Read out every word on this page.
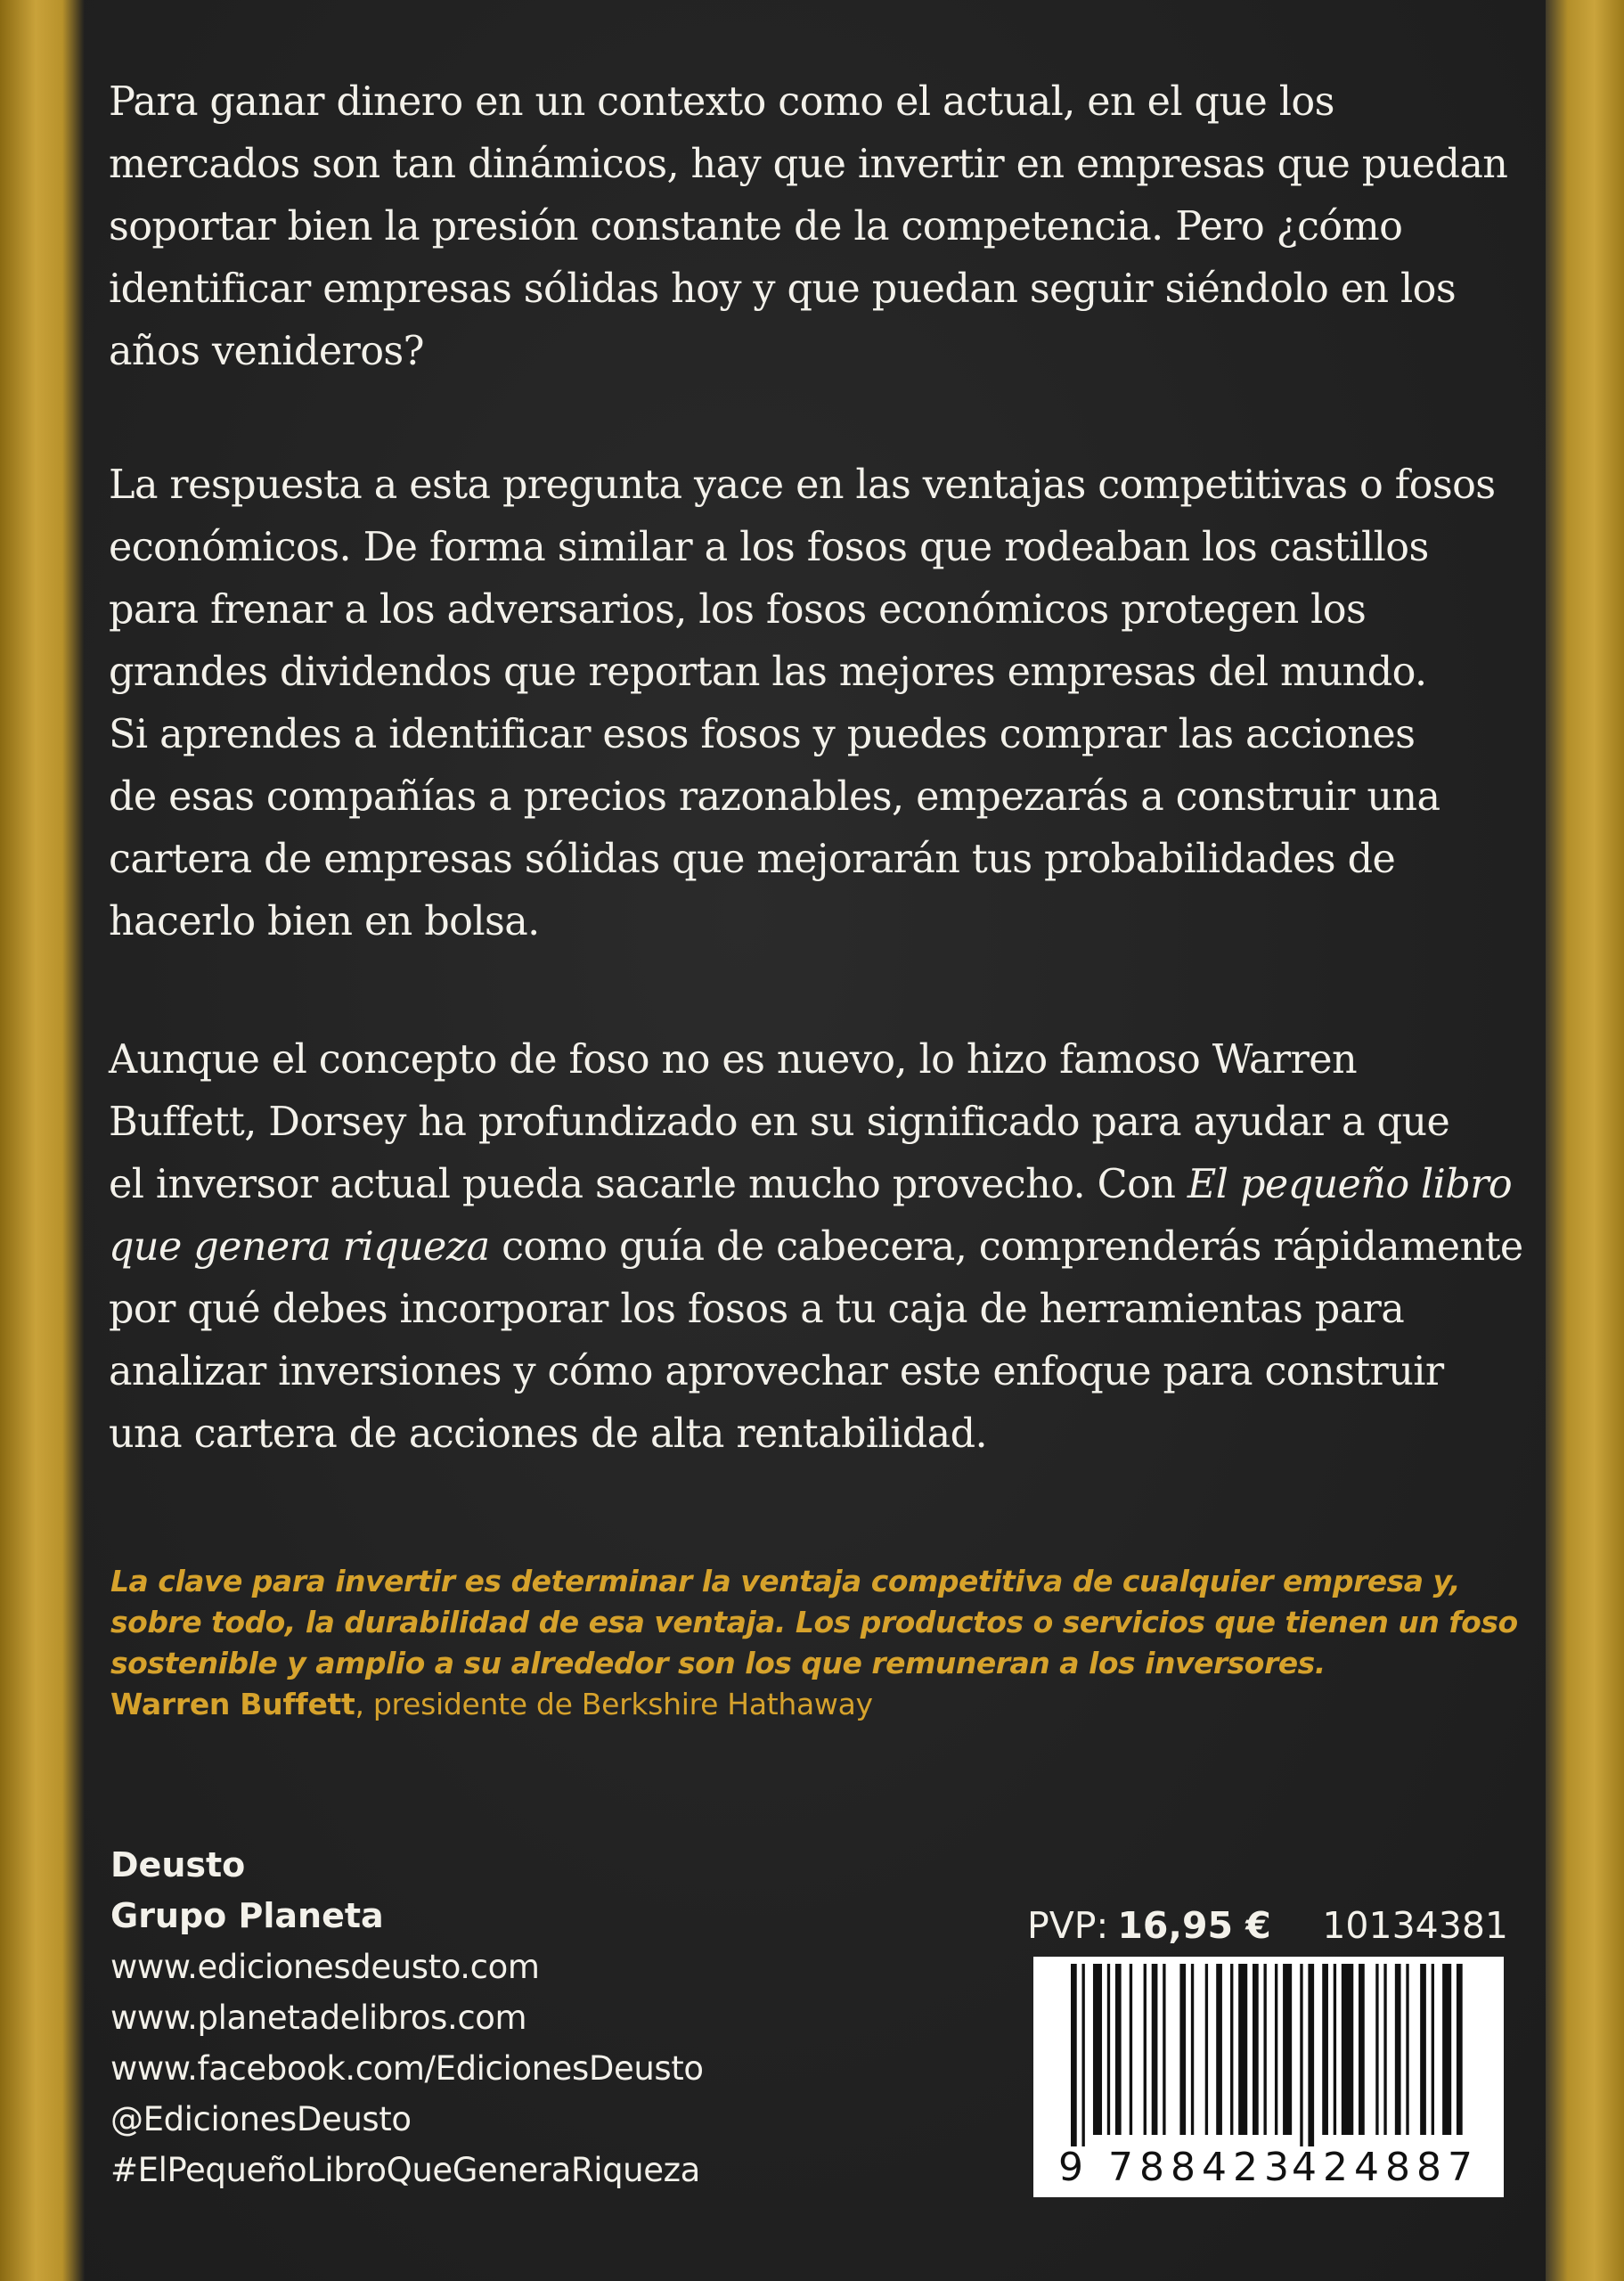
Para ganar dinero en un contexto como el actual, en el que los
mercados son tan dinámicos, hay que invertir en empresas que puedan
soportar bien la presión constante de la competencia. Pero ¿cómo
identificar empresas sólidas hoy y que puedan seguir siéndolo en los
años venideros?
La respuesta a esta pregunta yace en las ventajas competitivas o fosos
económicos. De forma similar a los fosos que rodeaban los castillos
para frenar a los adversarios, los fosos económicos protegen los
grandes dividendos que reportan las mejores empresas del mundo.
Si aprendes a identificar esos fosos y puedes comprar las acciones
de esas compañías a precios razonables, empezarás a construir una
cartera de empresas sólidas que mejorarán tus probabilidades de
hacerlo bien en bolsa.
Aunque el concepto de foso no es nuevo, lo hizo famoso Warren
Buffett, Dorsey ha profundizado en su significado para ayudar a que
el inversor actual pueda sacarle mucho provecho. Con El pequeño libro
que genera riqueza como guía de cabecera, comprenderás rápidamente
por qué debes incorporar los fosos a tu caja de herramientas para
analizar inversiones y cómo aprovechar este enfoque para construir
una cartera de acciones de alta rentabilidad.
La clave para invertir es determinar la ventaja competitiva de cualquier empresa y,
sobre todo, la durabilidad de esa ventaja. Los productos o servicios que tienen un foso
sostenible y amplio a su alrededor son los que remuneran a los inversores.
Warren Buffett, presidente de Berkshire Hathaway
Deusto
Grupo Planeta
www.edicionesdeusto.com
www.planetadelibros.com
www.facebook.com/EdicionesDeusto
@EdicionesDeusto
#ElPequeñoLibroQueGeneraRiqueza
PVP: 16,95 € 10134381
9 788423
424887
